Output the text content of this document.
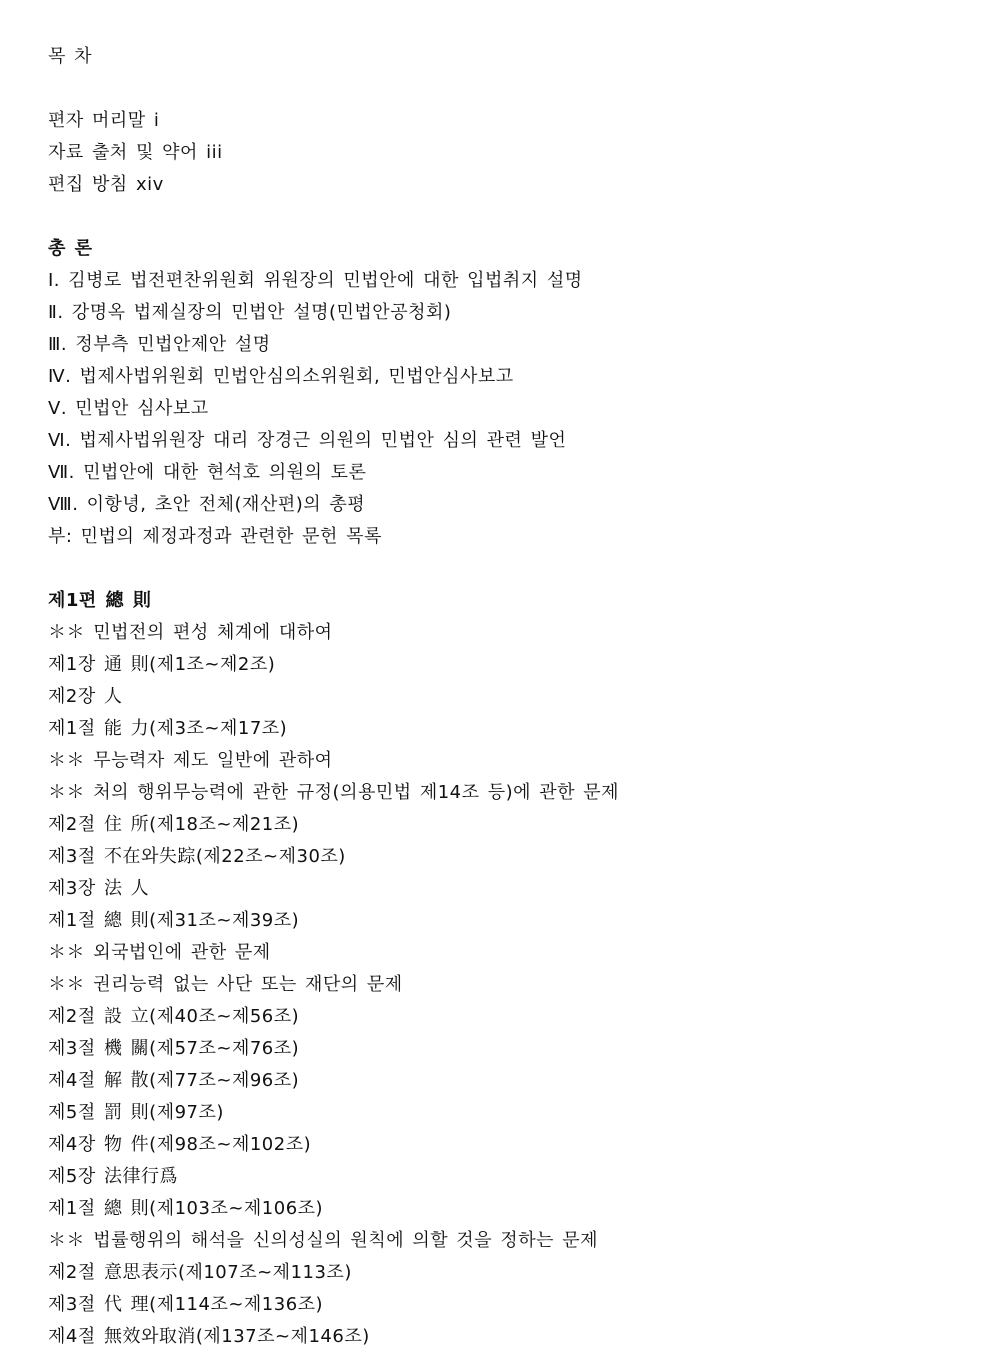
목 차
편자 머리말 i
자료 출처 및 약어 iii
편집 방침 xiv
총 론
Ⅰ. 김병로 법전편찬위원회 위원장의 민법안에 대한 입법취지 설명
Ⅱ. 강명옥 법제실장의 민법안 설명(민법안공청회)
Ⅲ. 정부측 민법안제안 설명
Ⅳ. 법제사법위원회 민법안심의소위원회, 민법안심사보고
Ⅴ. 민법안 심사보고
Ⅵ. 법제사법위원장 대리 장경근 의원의 민법안 심의 관련 발언
Ⅶ. 민법안에 대한 현석호 의원의 토론
Ⅷ. 이항녕, 초안 전체(재산편)의 총평
부: 민법의 제정과정과 관련한 문헌 목록
제1편 總 則
＊＊ 민법전의 편성 체계에 대하여
제1장 通 則(제1조~제2조)
제2장 人
제1절 能 力(제3조~제17조)
＊＊ 무능력자 제도 일반에 관하여
＊＊ 처의 행위무능력에 관한 규정(의용민법 제14조 등)에 관한 문제
제2절 住 所(제18조~제21조)
제3절 不在와失踪(제22조~제30조)
제3장 法 人
제1절 總 則(제31조~제39조)
＊＊ 외국법인에 관한 문제
＊＊ 권리능력 없는 사단 또는 재단의 문제
제2절 設 立(제40조~제56조)
제3절 機 關(제57조~제76조)
제4절 解 散(제77조~제96조)
제5절 罰 則(제97조)
제4장 物 件(제98조~제102조)
제5장 法律行爲
제1절 總 則(제103조~제106조)
＊＊ 법률행위의 해석을 신의성실의 원칙에 의할 것을 정하는 문제
제2절 意思表示(제107조~제113조)
제3절 代 理(제114조~제136조)
제4절 無效와取消(제137조~제146조)
